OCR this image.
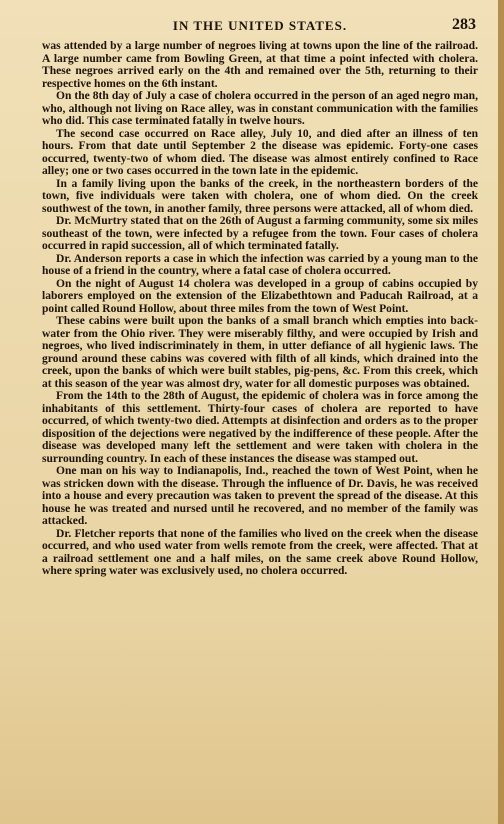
IN THE UNITED STATES.	283

was attended by a large number of negroes living at towns upon the line of the railroad. A large number came from Bowling Green, at that time a point infected with cholera. These negroes arrived early on the 4th and remained over the 5th, returning to their respective homes on the 6th instant.

On the 8th day of July a case of cholera occurred in the person of an aged negro man, who, although not living on Race alley, was in constant communication with the families who did. This case terminated fatally in twelve hours.

The second case occurred on Race alley, July 10, and died after an illness of ten hours. From that date until September 2 the disease was epidemic. Forty-one cases occurred, twenty-two of whom died. The disease was almost entirely confined to Race alley; one or two cases occurred in the town late in the epidemic.

In a family living upon the banks of the creek, in the northeastern borders of the town, five individuals were taken with cholera, one of whom died. On the creek southwest of the town, in another family, three persons were attacked, all of whom died.

Dr. McMurtry stated that on the 26th of August a farming community, some six miles southeast of the town, were infected by a refugee from the town. Four cases of cholera occurred in rapid succession, all of which terminated fatally.

Dr. Anderson reports a case in which the infection was carried by a young man to the house of a friend in the country, where a fatal case of cholera occurred.

On the night of August 14 cholera was developed in a group of cabins occupied by laborers employed on the extension of the Elizabethtown and Paducah Railroad, at a point called Round Hollow, about three miles from the town of West Point.

These cabins were built upon the banks of a small branch which empties into back-water from the Ohio river. They were miserably filthy, and were occupied by Irish and negroes, who lived indiscriminately in them, in utter defiance of all hygienic laws. The ground around these cabins was covered with filth of all kinds, which drained into the creek, upon the banks of which were built stables, pig-pens, &c. From this creek, which at this season of the year was almost dry, water for all domestic purposes was obtained.

From the 14th to the 28th of August, the epidemic of cholera was in force among the inhabitants of this settlement. Thirty-four cases of cholera are reported to have occurred, of which twenty-two died. Attempts at disinfection and orders as to the proper disposition of the dejections were negatived by the indifference of these people. After the disease was developed many left the settlement and were taken with cholera in the surrounding country. In each of these instances the disease was stamped out.

One man on his way to Indianapolis, Ind., reached the town of West Point, when he was stricken down with the disease. Through the influence of Dr. Davis, he was received into a house and every precaution was taken to prevent the spread of the disease. At this house he was treated and nursed until he recovered, and no member of the family was attacked.

Dr. Fletcher reports that none of the families who lived on the creek when the disease occurred, and who used water from wells remote from the creek, were affected. That at a railroad settlement one and a half miles, on the same creek above Round Hollow, where spring water was exclusively used, no cholera occurred.
